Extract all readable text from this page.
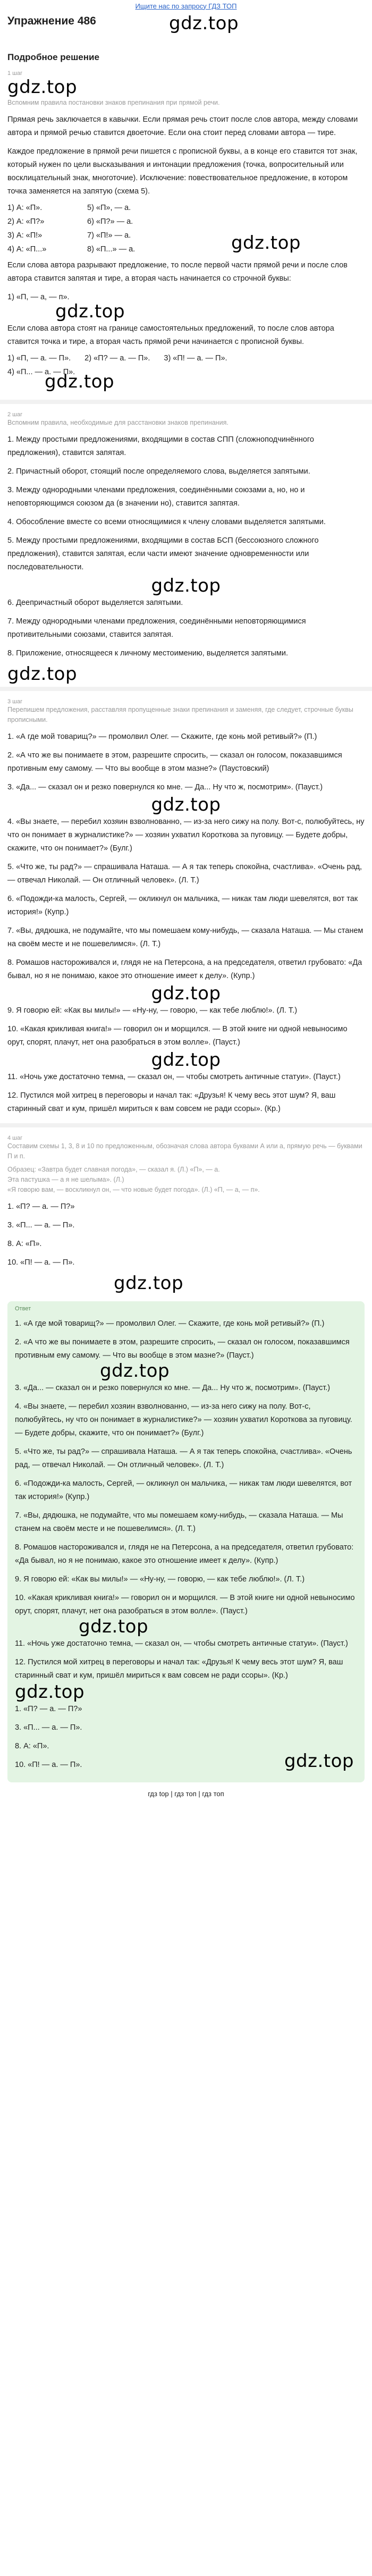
Ищите нас по запросу ГДЗ ТОП
Упражнение 486	gdz.top
Подробное решение
1 шаг
gdz.top
Вспомним правила постановки знаков препинания при прямой речи.

Прямая речь заключается в кавычки. Если прямая речь стоит после слов автора, между словами автора и прямой речью ставится двоеточие. Если она стоит перед словами автора — тире.

Каждое предложение в прямой речи пишется с прописной буквы, а в конце его ставится тот знак, который нужен по цели высказывания и интонации предложения (точка, вопросительный или восклицательный знак, многоточие). Исключение: повествовательное предложение, в котором точка заменяется на запятую (схема 5).

1) А: «П».	5) «П», — а.
2) А: «П?»	6) «П?» — а.
3) А: «П!»	7) «П!» — а.
4) А: «П...»	8) «П...» — а.	gdz.top

Если слова автора разрывают предложение, то после первой части прямой речи и после слов автора ставится запятая и тире, а вторая часть начинается со строчной буквы:

1) «П, — а, — п».

gdz.top

Если слова автора стоят на границе самостоятельных предложений, то после слов автора ставится точка и тире, а вторая часть прямой речи начинается с прописной буквы.

1) «П, — а. — П». 2) «П? — а. — П». 3) «П! — а. — П».
4) «П... — а. — П».
gdz.top
2 шаг
Вспомним правила, необходимые для расстановки знаков препинания.

1. Между простыми предложениями, входящими в состав СПП (сложноподчинённого предложения), ставится запятая.

2. Причастный оборот, стоящий после определяемого слова, выделяется запятыми.

3. Между однородными членами предложения, соединёнными союзами а, но, но и неповторяющимся союзом да (в значении но), ставится запятая.

4. Обособление вместе со всеми относящимися к члену словами выделяется запятыми.

5. Между простыми предложениями, входящими в состав БСП (бессоюзного сложного предложения), ставится запятая, если части имеют значение одновременности или последовательности.

gdz.top

6. Деепричастный оборот выделяется запятыми.

7. Между однородными членами предложения, соединёнными неповторяющимися противительными союзами, ставится запятая.

8. Приложение, относящееся к личному местоимению, выделяется запятыми.

gdz.top
3 шаг
Перепишем предложения, расставляя пропущенные знаки препинания и заменяя, где следует, строчные буквы прописными.

1. «А где мой товарищ?» — промолвил Олег. — Скажите, где конь мой ретивый?» (П.)

2. «А что же вы понимаете в этом, разрешите спросить, — сказал он голосом, показавшимся противным ему самому. — Что вы вообще в этом мазне?» (Паустовский)

3. «Да... — сказал он и резко повернулся ко мне. — Да... Ну что ж, посмотрим». (Пауст.)

gdz.top

4. «Вы знаете, — перебил хозяин взволнованно, — из-за него сижу на полу. Вот-с, полюбуйтесь, ну что он понимает в журналистике?» — хозяин ухватил Короткова за пуговицу. — Будете добры, скажите, что он понимает?» (Булг.)

5. «Что же, ты рад?» — спрашивала Наташа. — А я так теперь спокойна, счастлива». «Очень рад, — отвечал Николай. — Он отличный человек». (Л. Т.)

6. «Подожди-ка малость, Сергей, — окликнул он мальчика, — никак там люди шевелятся, вот так история!» (Купр.)

7. «Вы, дядюшка, не подумайте, что мы помешаем кому-нибудь, — сказала Наташа. — Мы станем на своём месте и не пошевелимся». (Л. Т.)

8. Ромашов настороживался и, глядя не на Петерсона, а на председателя, ответил грубовато: «Да бывал, но я не понимаю, какое это отношение имеет к делу». (Купр.)

gdz.top

9. Я говорю ей: «Как вы милы!» — «Ну-ну, — говорю, — как тебе люблю!». (Л. Т.)

10. «Какая крикливая книга!» — говорил он и морщился. — В этой книге ни одной невыносимо орут, спорят, плачут, нет она разобраться в этом волле». (Пауст.)

gdz.top

11. «Ночь уже достаточно темна, — сказал он, — чтобы смотреть античные статуи». (Пауст.)

12. Пустился мой хитрец в переговоры и начал так: «Друзья! К чему весь этот шум? Я, ваш старинный сват и кум, пришёл мириться к вам совсем не ради ссоры». (Кр.)

4 шаг
Составим схемы 1, 3, 8 и 10 по предложенным, обозначая слова автора буквами А или а, прямую речь — буквами П и п.
Образец: «Завтра будет славная погода», — сказал я. (Л.) «П», — а.
Эта пастушка — а я не шелыма». (Л.)
«Я говорю вам, — воскликнул он, — что новые будет погода». (Л.) «П, — а, — п».

1. «П? — а. — П?»

3. «П... — а. — П».

8. А: «П».

10. «П! — а. — П».

gdz.top
Ответ

1. «А где мой товарищ?» — промолвил Олег. — Скажите, где конь мой ретивый?» (П.)

2. «А что же вы понимаете в этом, разрешите спросить, — сказал он голосом, показавшимся противным ему самому. — Что вы вообще в этом мазне?» (Пауст.)

gdz.top

3. «Да... — сказал он и резко повернулся ко мне. — Да... Ну что ж, посмотрим». (Пауст.)

4. «Вы знаете, — перебил хозяин взволнованно, — из-за него сижу на полу. Вот-с, полюбуйтесь, ну что он понимает в журналистике?» — хозяин ухватил Короткова за пуговицу. — Будете добры, скажите, что он понимает?» (Булг.)

5. «Что же, ты рад?» — спрашивала Наташа. — А я так теперь спокойна, счастлива». «Очень рад, — отвечал Николай. — Он отличный человек». (Л. Т.)

6. «Подожди-ка малость, Сергей, — окликнул он мальчика, — никак там люди шевелятся, вот так история!» (Купр.)

7. «Вы, дядюшка, не подумайте, что мы помешаем кому-нибудь, — сказала Наташа. — Мы станем на своём месте и не пошевелимся». (Л. Т.)

8. Ромашов настороживался и, глядя не на Петерсона, а на председателя, ответил грубовато: «Да бывал, но я не понимаю, какое это отношение имеет к делу». (Купр.)

9. Я говорю ей: «Как вы милы!» — «Ну-ну, — говорю, — как тебе люблю!». (Л. Т.)

10. «Какая крикливая книга!» — говорил он и морщился. — В этой книге ни одной невыносимо орут, спорят, плачут, нет она разобраться в этом волле». (Пауст.)

gdz.top

11. «Ночь уже достаточно темна, — сказал он, — чтобы смотреть античные статуи». (Пауст.)

12. Пустился мой хитрец в переговоры и начал так: «Друзья! К чему весь этот шум? Я, ваш старинный сват и кум, пришёл мириться к вам совсем не ради ссоры». (Кр.)

gdz.top

1. «П? — а. — П?»

3. «П... — а. — П».

8. А: «П».

10. «П! — а. — П».	gdz.top
гдз top | гдз топ | гдз топ
